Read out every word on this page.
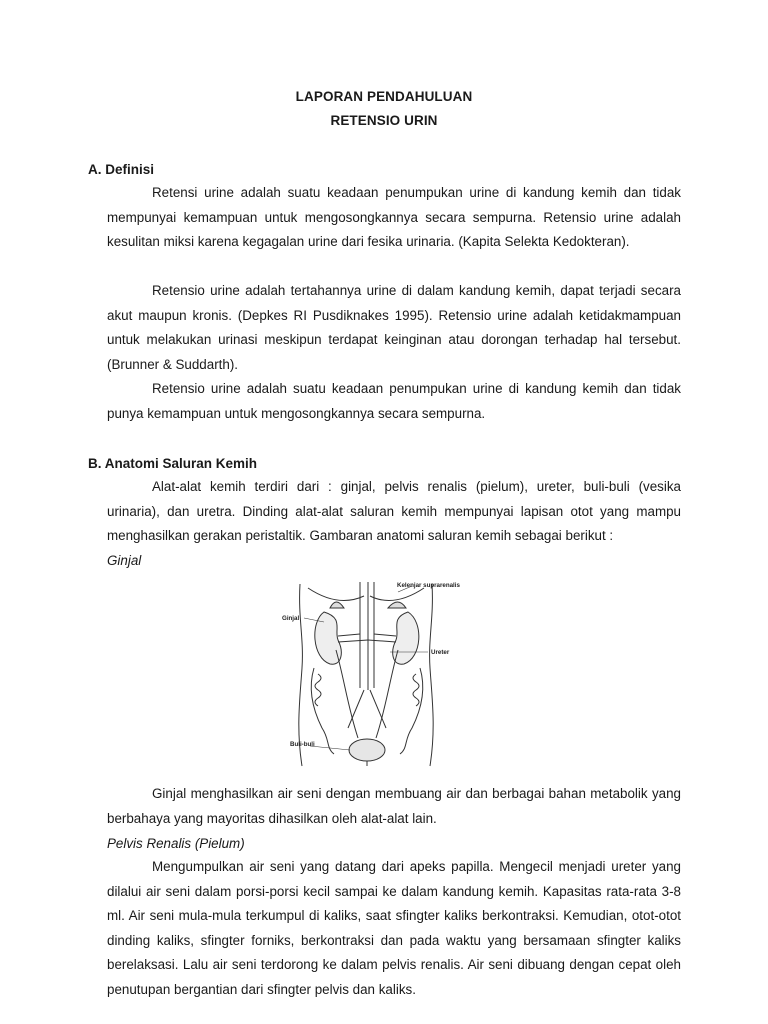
LAPORAN PENDAHULUAN
RETENSIO URIN
A. Definisi

Retensi urine adalah suatu keadaan penumpukan urine di kandung kemih dan tidak mempunyai kemampuan untuk mengosongkannya secara sempurna. Retensio urine adalah kesulitan miksi karena kegagalan urine dari fesika urinaria. (Kapita Selekta Kedokteran).

Retensio urine adalah tertahannya urine di dalam kandung kemih, dapat terjadi secara akut maupun kronis. (Depkes RI Pusdiknakes 1995). Retensio urine adalah ketidakmampuan untuk melakukan urinasi meskipun terdapat keinginan atau dorongan terhadap hal tersebut. (Brunner & Suddarth).

Retensio urine adalah suatu keadaan penumpukan urine di kandung kemih dan tidak punya kemampuan untuk mengosongkannya secara sempurna.

B. Anatomi Saluran Kemih

Alat-alat kemih terdiri dari : ginjal, pelvis renalis (pielum), ureter, buli-buli (vesika urinaria), dan uretra. Dinding alat-alat saluran kemih mempunyai lapisan otot yang mampu menghasilkan gerakan peristaltik. Gambaran anatomi saluran kemih sebagai berikut :

Ginjal
Kelenjar suprarenalis
Ginjal
Ureter
Buli-buli

Ginjal menghasilkan air seni dengan membuang air dan berbagai bahan metabolik yang berbahaya yang mayoritas dihasilkan oleh alat-alat lain.

Pelvis Renalis (Pielum)

Mengumpulkan air seni yang datang dari apeks papilla. Mengecil menjadi ureter yang dilalui air seni dalam porsi-porsi kecil sampai ke dalam kandung kemih. Kapasitas rata-rata 3-8 ml. Air seni mula-mula terkumpul di kaliks, saat sfingter kaliks berkontraksi. Kemudian, otot-otot dinding kaliks, sfingter forniks, berkontraksi dan pada waktu yang bersamaan sfingter kaliks berelaksasi. Lalu air seni terdorong ke dalam pelvis renalis. Air seni dibuang dengan cepat oleh penutupan bergantian dari sfingter pelvis dan kaliks.
